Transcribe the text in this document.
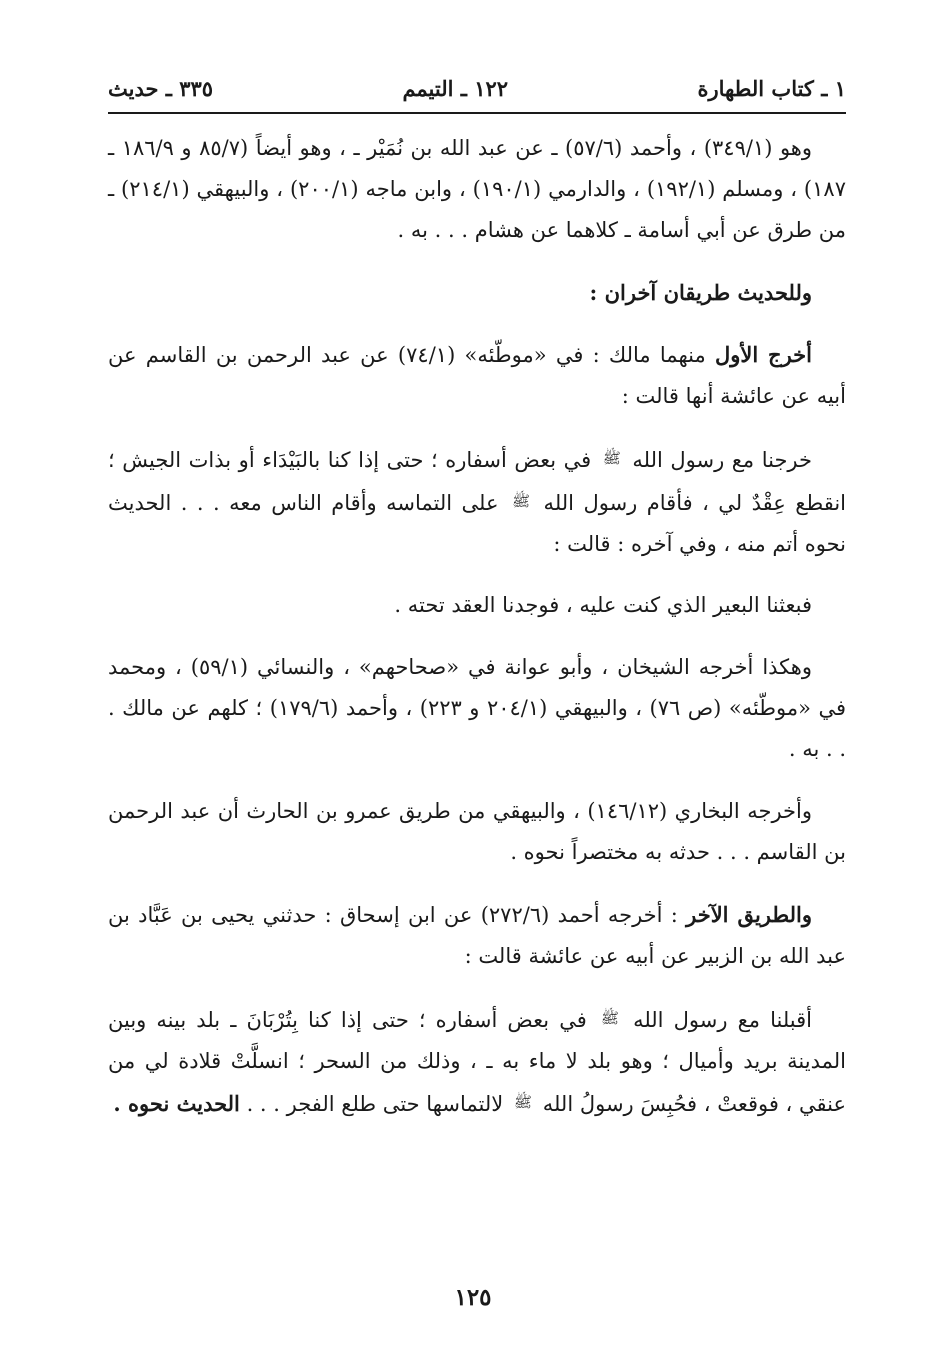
١ ـ كتاب الطهارة
١٢٢ ـ التيمم
٣٣٥ ـ حديث

وهو (٣٤٩/١) ، وأحمد (٥٧/٦) ـ عن عبد الله بن نُمَيْر ـ ، وهو أيضاً (٨٥/٧ و ١٨٦/٩ ـ ١٨٧) ، ومسلم (١٩٢/١) ، والدارمي (١٩٠/١) ، وابن ماجه (٢٠٠/١) ، والبيهقي (٢١٤/١) ـ من طرق عن أبي أسامة ـ كلاهما عن هشام . . . به .

وللحديث طريقان آخران :

أخرج الأول منهما مالك : في «موطّئه» (٧٤/١) عن عبد الرحمن بن القاسم عن أبيه عن عائشة أنها قالت :

خرجنا مع رسول الله ﷺ في بعض أسفاره ؛ حتى إذا كنا بالبَيْدَاء أو بذات الجيش ؛ انقطع عِقْدٌ لي ، فأقام رسول الله ﷺ على التماسه وأقام الناس معه . . . الحديث نحوه أتم منه ، وفي آخره : قالت :

فبعثنا البعير الذي كنت عليه ، فوجدنا العقد تحته .

وهكذا أخرجه الشيخان ، وأبو عوانة في «صحاحهم» ، والنسائي (٥٩/١) ، ومحمد في «موطّئه» (ص ٧٦) ، والبيهقي (٢٠٤/١ و ٢٢٣) ، وأحمد (١٧٩/٦) ؛ كلهم عن مالك . . . به .

وأخرجه البخاري (١٤٦/١٢) ، والبيهقي من طريق عمرو بن الحارث أن عبد الرحمن بن القاسم . . . حدثه به مختصراً نحوه .

والطريق الآخر : أخرجه أحمد (٢٧٢/٦) عن ابن إسحاق : حدثني يحيى بن عَبَّاد بن عبد الله بن الزبير عن أبيه عن عائشة قالت :

أقبلنا مع رسول الله ﷺ في بعض أسفاره ؛ حتى إذا كنا بِتُرْبَانَ ـ بلد بينه وبين المدينة بريد وأميال ؛ وهو بلد لا ماء به ـ ، وذلك من السحر ؛ انسلَّتْ قلادة لي من عنقي ، فوقعتْ ، فحُبِسَ رسولُ الله ﷺ لالتماسها حتى طلع الفجر . . . الحديث نحوه .

١٢٥
